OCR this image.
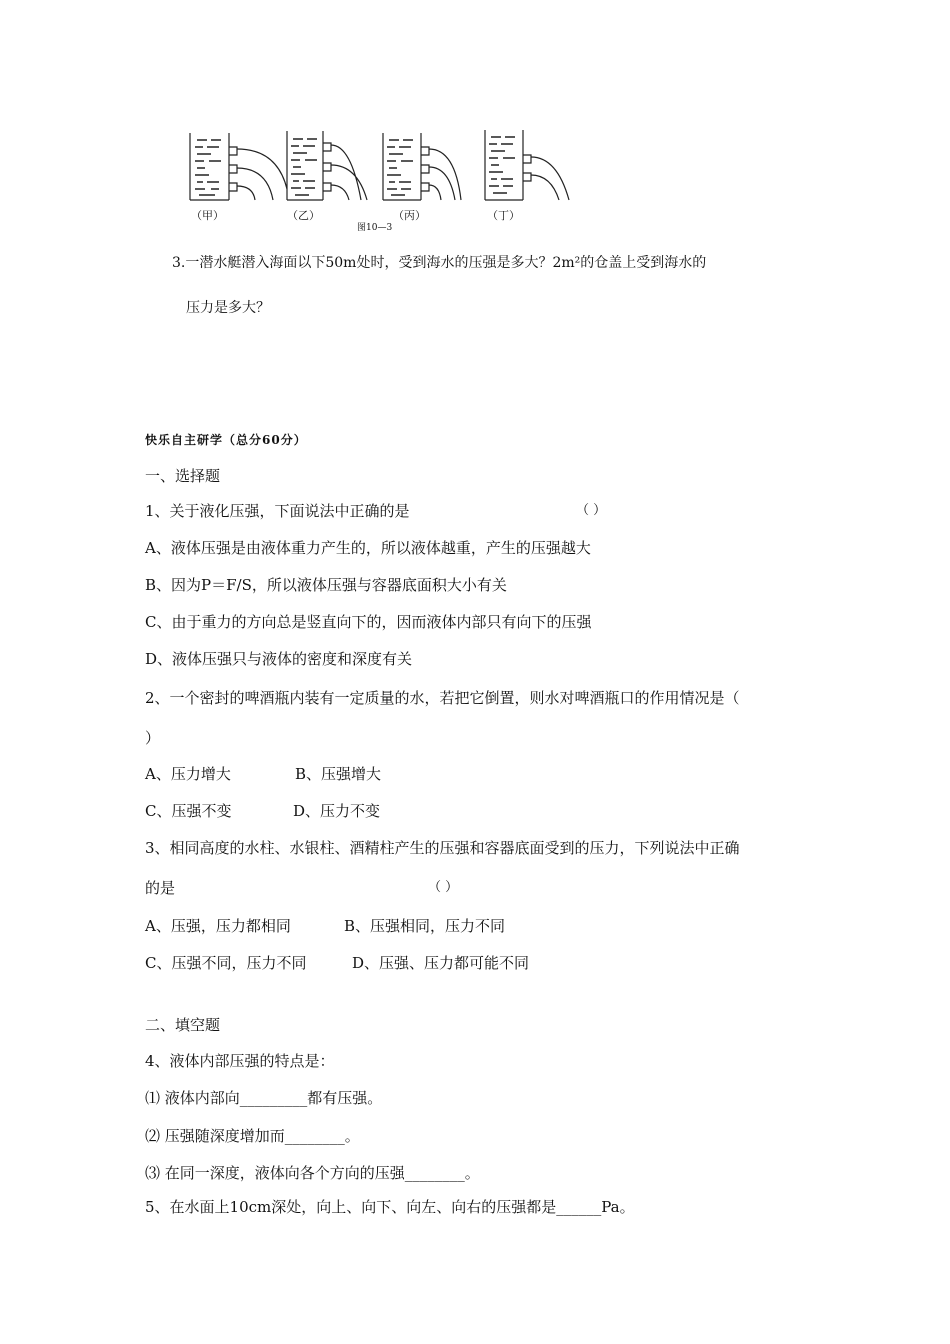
（甲）	（乙）	（丙）	（丁）
图10—3
3.一潜水艇潜入海面以下50m处时，受到海水的压强是多大？2m²的仓盖上受到海水的
压力是多大？
快乐自主研学（总分60分）
一、选择题
1、关于液化压强，下面说法中正确的是	（ ）
A、液体压强是由液体重力产生的，所以液体越重，产生的压强越大
B、因为P＝F/S，所以液体压强与容器底面积大小有关
C、由于重力的方向总是竖直向下的，因而液体内部只有向下的压强
D、液体压强只与液体的密度和深度有关
2、一个密封的啤酒瓶内装有一定质量的水，若把它倒置，则水对啤酒瓶口的作用情况是（
）
A、压力增大	B、压强增大
C、压强不变	D、压力不变
3、相同高度的水柱、水银柱、酒精柱产生的压强和容器底面受到的压力，下列说法中正确
的是	（ ）
A、压强，压力都相同	B、压强相同，压力不同
C、压强不同，压力不同	D、压强、压力都可能不同
二、填空题
4、液体内部压强的特点是：
⑴ 液体内部向_________都有压强。
⑵ 压强随深度增加而________。
⑶ 在同一深度，液体向各个方向的压强________。
5、在水面上10cm深处，向上、向下、向左、向右的压强都是______Pa。
